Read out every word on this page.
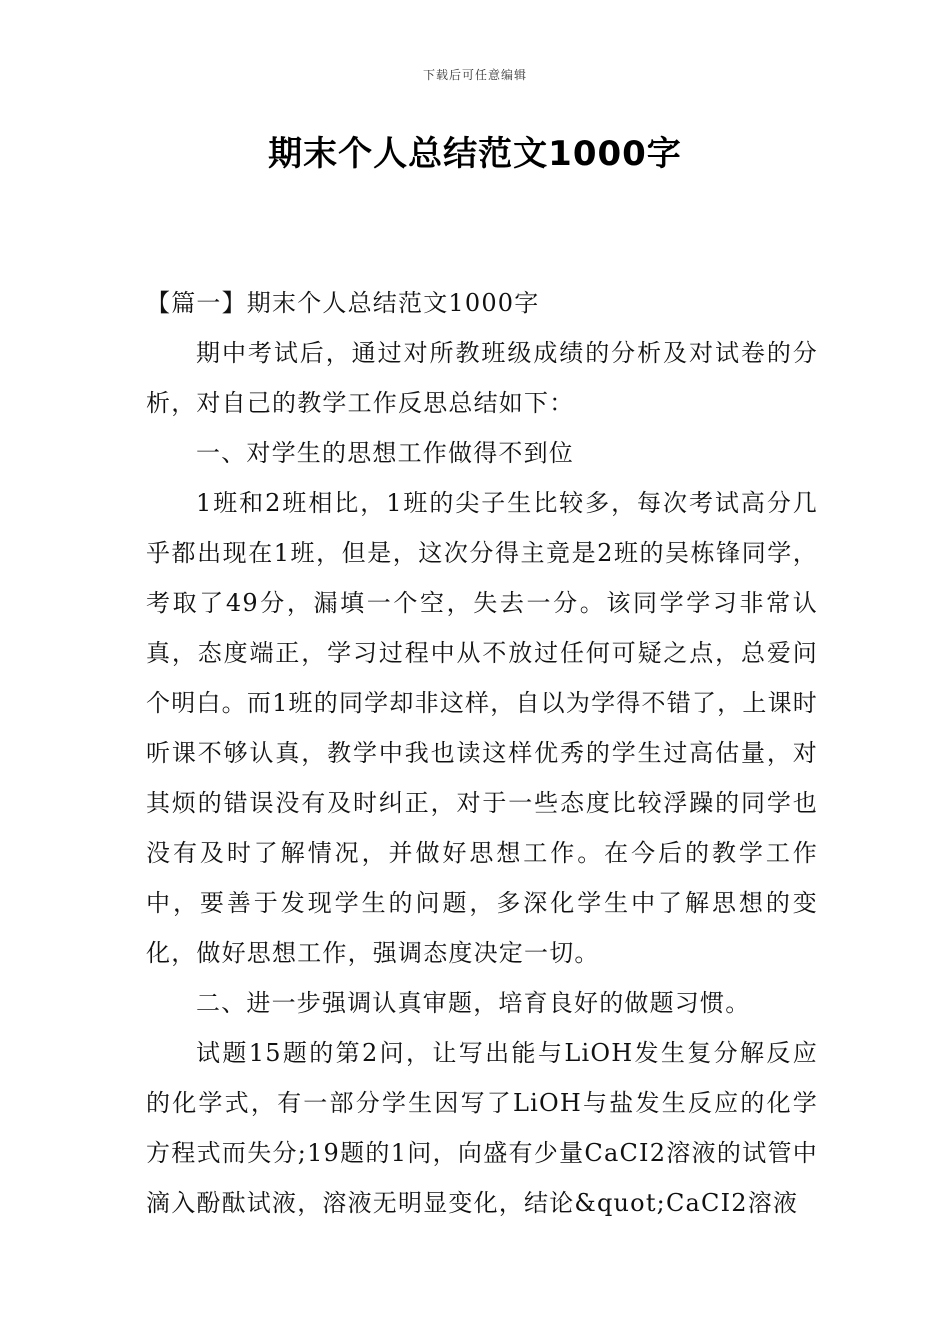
下载后可任意编辑
期末个人总结范文1000字

【篇一】期末个人总结范文1000字

期中考试后，通过对所教班级成绩的分析及对试卷的分析，对自己的教学工作反思总结如下：

一、对学生的思想工作做得不到位

1班和2班相比，1班的尖子生比较多，每次考试高分几乎都出现在1班，但是，这次分得主竟是2班的吴栋锋同学，考取了49分，漏填一个空，失去一分。该同学学习非常认真，态度端正，学习过程中从不放过任何可疑之点，总爱问个明白。而1班的同学却非这样，自以为学得不错了，上课时听课不够认真，教学中我也读这样优秀的学生过高估量，对其烦的错误没有及时纠正，对于一些态度比较浮躁的同学也没有及时了解情况，并做好思想工作。在今后的教学工作中，要善于发现学生的问题，多深化学生中了解思想的变化，做好思想工作，强调态度决定一切。

二、进一步强调认真审题，培育良好的做题习惯。

试题15题的第2问，让写出能与LiOH发生复分解反应的化学式，有一部分学生因写了LiOH与盐发生反应的化学方程式而失分;19题的1问，向盛有少量CaCI2溶液的试管中滴入酚酞试液，溶液无明显变化，结论&quot;CaCI2溶液
